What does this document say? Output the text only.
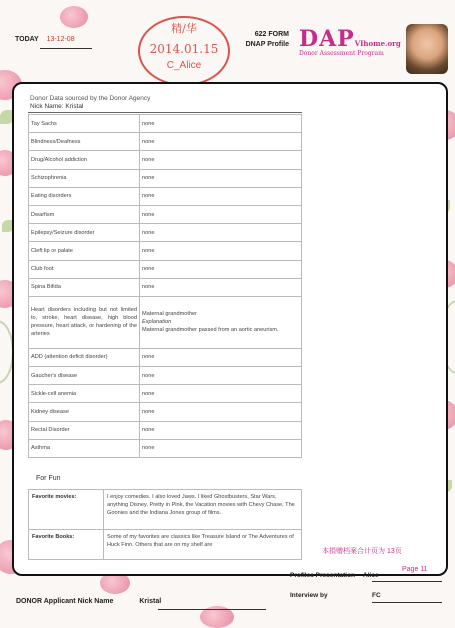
TODAY 13-12-08
精/华
2014.01.15
C_Alice
622 FORM
DNAP Profile DAPVIhome.org
Donor Assessment Program
Donor Data sourced by the Donor Agency
Nick Name: Kristal
Tay Sachs	none
Blindness/Deafness	none
Drug/Alcohol addiction	none
Schizophrenia	none
Eating disorders	none
Dwarfism	none
Epilepsy/Seizure disorder	none
Cleft lip or palate	none
Club foot	none
Spina Bifida	none
Heart disorders including but not limited to, stroke, heart disease, high blood pressure, heart attack, or hardening of the arteries	Maternal grandmother
Explanation
Maternal grandmother passed from an aortic aneurism.

ADD (attention deficit disorder)	none
Gaucher's disease	none
Sickle-cell anemia	none
Kidney disease	none
Rectal Disorder	none
Asthma	none
For Fun
Favorite movies:	I enjoy comedies. I also loved Jaws. I liked Ghostbusters, Star Wars, anything Disney, Pretty in Pink, the Vacation movies with Chevy Chase, The Goonies and the Indiana Jones group of films.
Favorite Books:	Some of my favorites are classics like Treasure Island or The Adventures of Huck Finn. Others that are on my shelf are
本捐赠档案合计页为 13页
Page 11
Profiles Presentation Alice
Interview by	FC
DONOR Applicant Nick Name	Kristal
